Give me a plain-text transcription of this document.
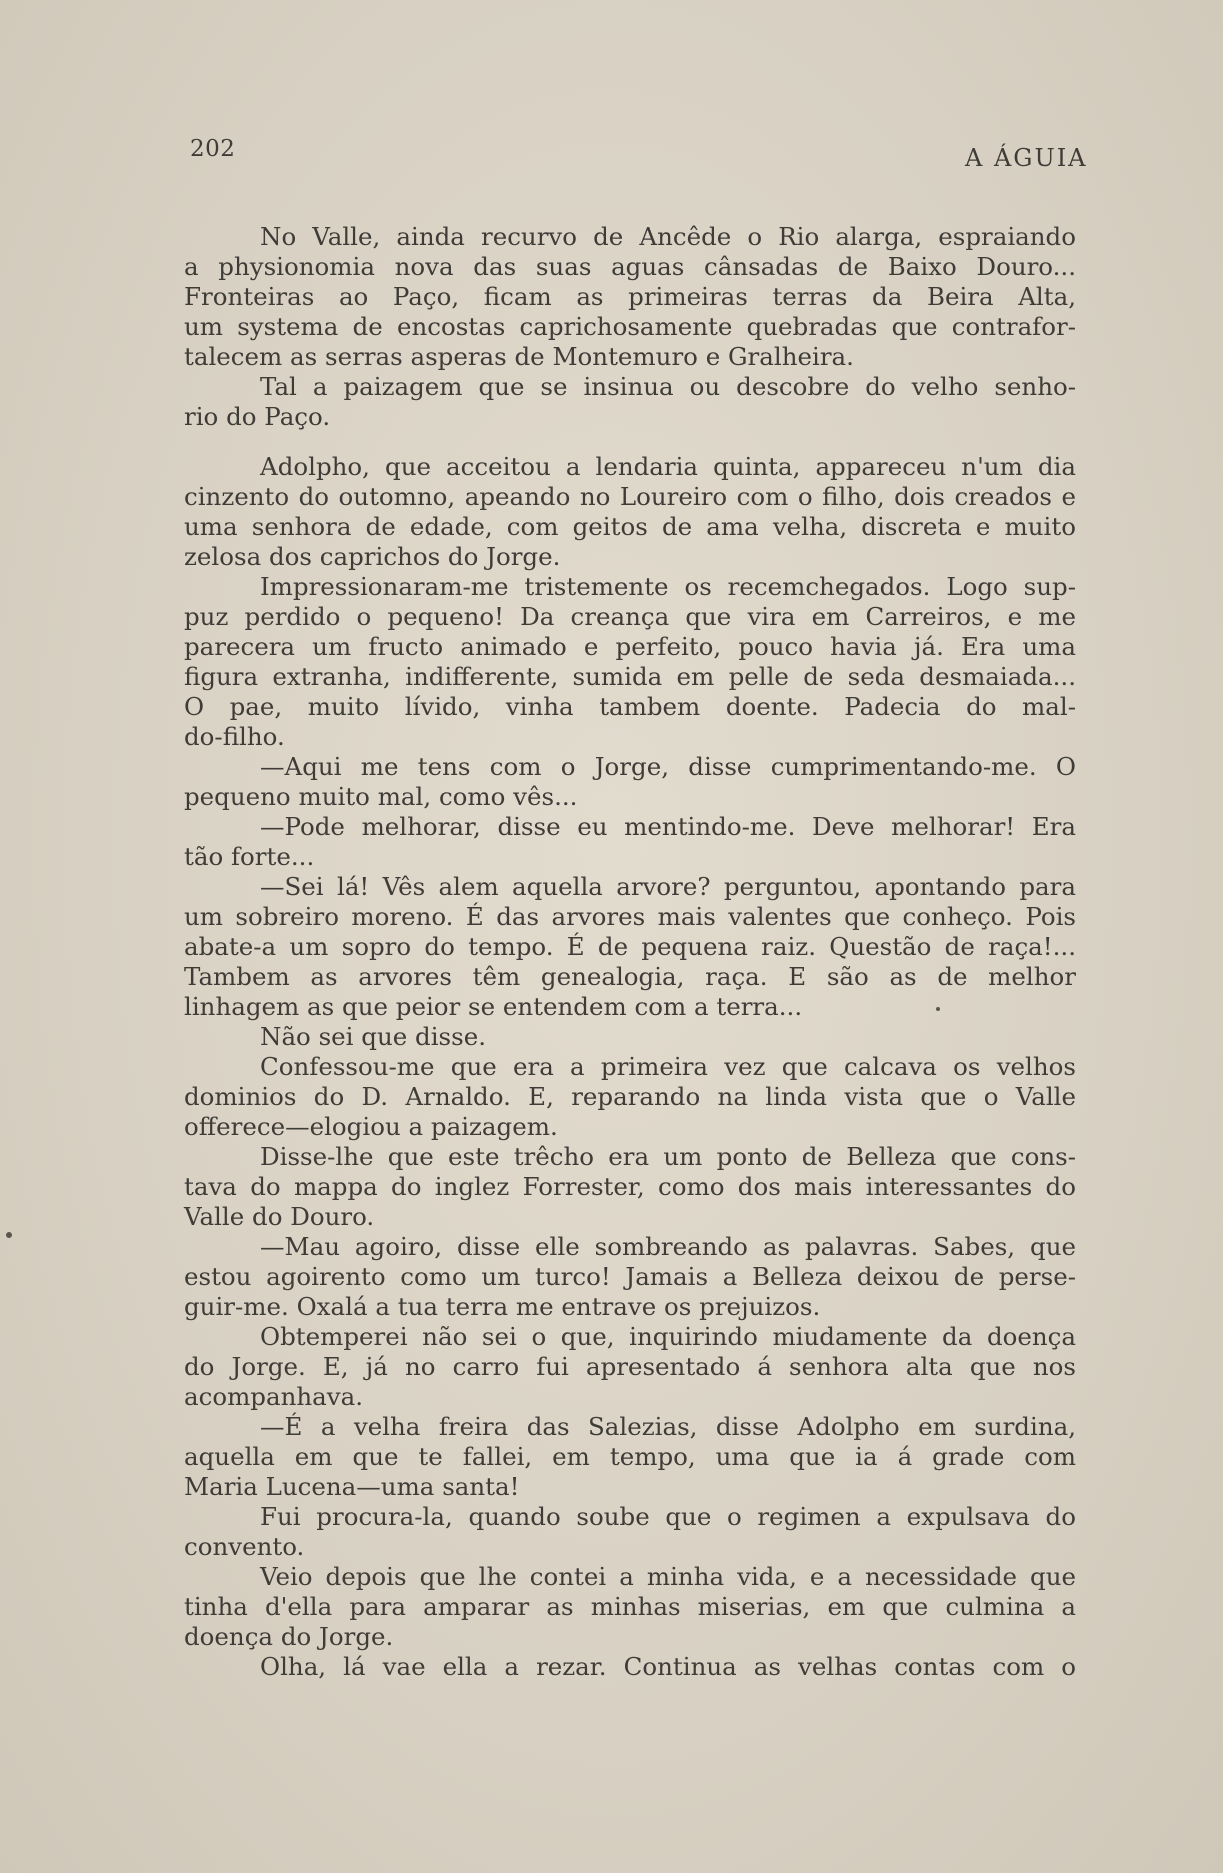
202	A ÁGUIA
No Valle, ainda recurvo de Ancêde o Rio alarga, espraiando
a physionomia nova das suas aguas cânsadas de Baixo Douro...
Fronteiras ao Paço, ficam as primeiras terras da Beira Alta,
um systema de encostas caprichosamente quebradas que contrafor-
talecem as serras asperas de Montemuro e Gralheira.
Tal a paizagem que se insinua ou descobre do velho senho-
rio do Paço.
Adolpho, que acceitou a lendaria quinta, appareceu n'um dia
cinzento do outomno, apeando no Loureiro com o filho, dois creados e
uma senhora de edade, com geitos de ama velha, discreta e muito
zelosa dos caprichos do Jorge.
Impressionaram-me tristemente os recemchegados. Logo sup-
puz perdido o pequeno! Da creança que vira em Carreiros, e me
parecera um fructo animado e perfeito, pouco havia já. Era uma
figura extranha, indifferente, sumida em pelle de seda desmaiada...
O pae, muito lívido, vinha tambem doente. Padecia do mal-
do-filho.
—Aqui me tens com o Jorge, disse cumprimentando-me. O
pequeno muito mal, como vês...
—Pode melhorar, disse eu mentindo-me. Deve melhorar! Era
tão forte...
—Sei lá! Vês alem aquella arvore? perguntou, apontando para
um sobreiro moreno. É das arvores mais valentes que conheço. Pois
abate-a um sopro do tempo. É de pequena raiz. Questão de raça!...
Tambem as arvores têm genealogia, raça. E são as de melhor
linhagem as que peior se entendem com a terra...
Não sei que disse.
Confessou-me que era a primeira vez que calcava os velhos
dominios do D. Arnaldo. E, reparando na linda vista que o Valle
offerece—elogiou a paizagem.
Disse-lhe que este trêcho era um ponto de Belleza que cons-
tava do mappa do inglez Forrester, como dos mais interessantes do
Valle do Douro.
—Mau agoiro, disse elle sombreando as palavras. Sabes, que
estou agoirento como um turco! Jamais a Belleza deixou de perse-
guir-me. Oxalá a tua terra me entrave os prejuizos.
Obtemperei não sei o que, inquirindo miudamente da doença
do Jorge. E, já no carro fui apresentado á senhora alta que nos
acompanhava.
—É a velha freira das Salezias, disse Adolpho em surdina,
aquella em que te fallei, em tempo, uma que ia á grade com
Maria Lucena—uma santa!
Fui procura-la, quando soube que o regimen a expulsava do
convento.
Veio depois que lhe contei a minha vida, e a necessidade que
tinha d'ella para amparar as minhas miserias, em que culmina a
doença do Jorge.
Olha, lá vae ella a rezar. Continua as velhas contas com o
